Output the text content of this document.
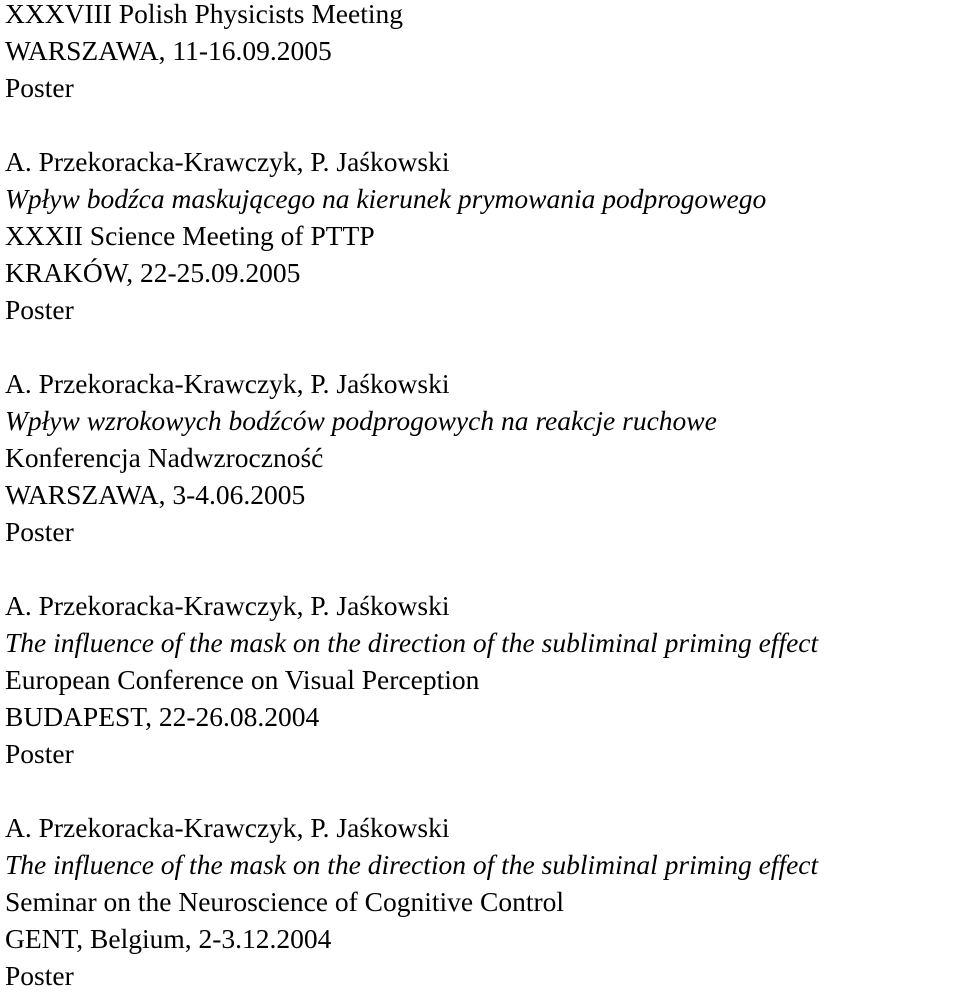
XXXVIII Polish Physicists Meeting
WARSZAWA, 11-16.09.2005
Poster
A. Przekoracka-Krawczyk, P. Jaśkowski
Wpływ bodźca maskującego na kierunek prymowania podprogowego
XXXII Science Meeting of PTTP
KRAKÓW, 22-25.09.2005
Poster
A. Przekoracka-Krawczyk, P. Jaśkowski
Wpływ wzrokowych bodźców podprogowych na reakcje ruchowe
Konferencja Nadwzroczność
WARSZAWA, 3-4.06.2005
Poster
A. Przekoracka-Krawczyk, P. Jaśkowski
The influence of the mask on the direction of the subliminal priming effect
European Conference on Visual Perception
BUDAPEST, 22-26.08.2004
Poster
A. Przekoracka-Krawczyk, P. Jaśkowski
The influence of the mask on the direction of the subliminal priming effect
Seminar on the Neuroscience of Cognitive Control
GENT, Belgium, 2-3.12.2004
Poster
